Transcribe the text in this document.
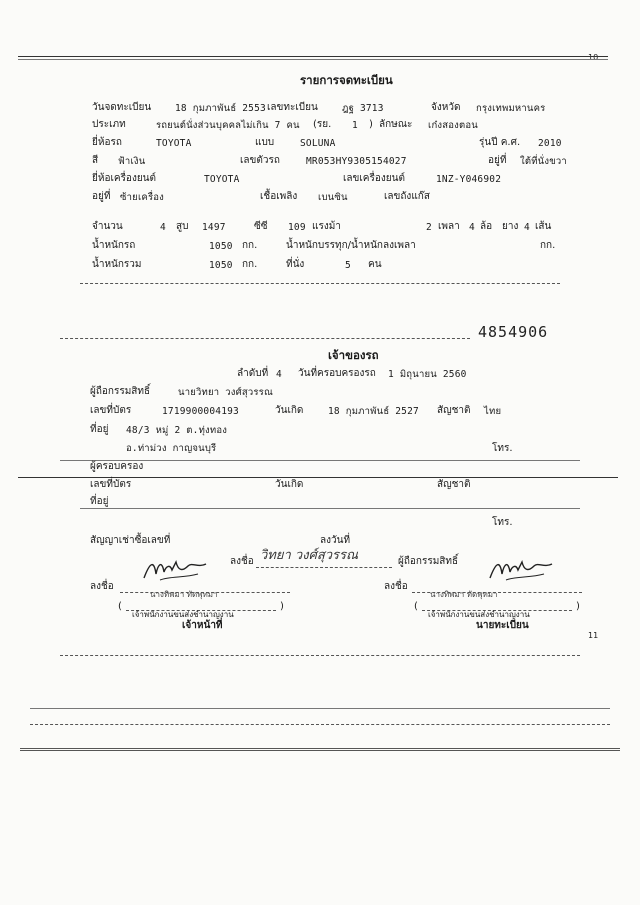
10
รายการจดทะเบียน
วันจดทะเบียน	18 กุมภาพันธ์ 2553 เลขทะเบียน	ฎฐ 3713	จังหวัด กรุงเทพมหานคร
ประเภท	รถยนต์นั่งส่วนบุคคลไม่เกิน 7 คน (รย. 1 ) ลักษณะ เก๋งสองตอน
ยี่ห้อรถ	TOYOTA	แบบ	SOLUNA	รุ่นปี ค.ศ. 2010
สี ฟ้าเงิน	เลขตัวรถ	MR053HY9305154027	อยู่ที่ ใต้ที่นั่งขวา
ยี่ห้อเครื่องยนต์	TOYOTA	เลขเครื่องยนต์	1NZ-Y046902
อยู่ที่ ซ้ายเครื่อง	เชื้อเพลิง เบนซิน	เลขถังแก๊ส
จำนวน	4 สูบ 1497	ซีซี 109 แรงม้า	2 เพลา 4 ล้อ ยาง 4 เส้น
น้ำหนักรถ	1050 กก.	น้ำหนักบรรทุก/น้ำหนักลงเพลา	กก.
น้ำหนักรวม	1050 กก.	ที่นั่ง	5 คน
4854906
เจ้าของรถ
ลำดับที่ 4 วันที่ครอบครองรถ 1 มิถุนายน 2560
ผู้ถือกรรมสิทธิ์	นายวิทยา วงศ์สุวรรณ
เลขที่บัตร	1719900004193	วันเกิด	18 กุมภาพันธ์ 2527 สัญชาติ ไทย
ที่อยู่ 48/3 หมู่ 2 ต.ทุ่งทอง
อ.ท่าม่วง กาญจนบุรี	โทร.
ผู้ครอบครอง
เลขที่บัตร	วันเกิด	สัญชาติ
ที่อยู่
โทร.
สัญญาเช่าซื้อเลขที่	ลงวันที่
ลงชื่อ วิทยา วงศ์สุวรรณ	ผู้ถือกรรมสิทธิ์
ลงชื่อ
นางทิพมา ทัดพุทมา
(	)
เจ้าพนักงานขนส่งชำนาญงาน
เจ้าหน้าที่
ลงชื่อ
นางทิพมา ทัดพุทมา
(	)
เจ้าพนักงานขนส่งชำนาญงาน
นายทะเบียน
11
